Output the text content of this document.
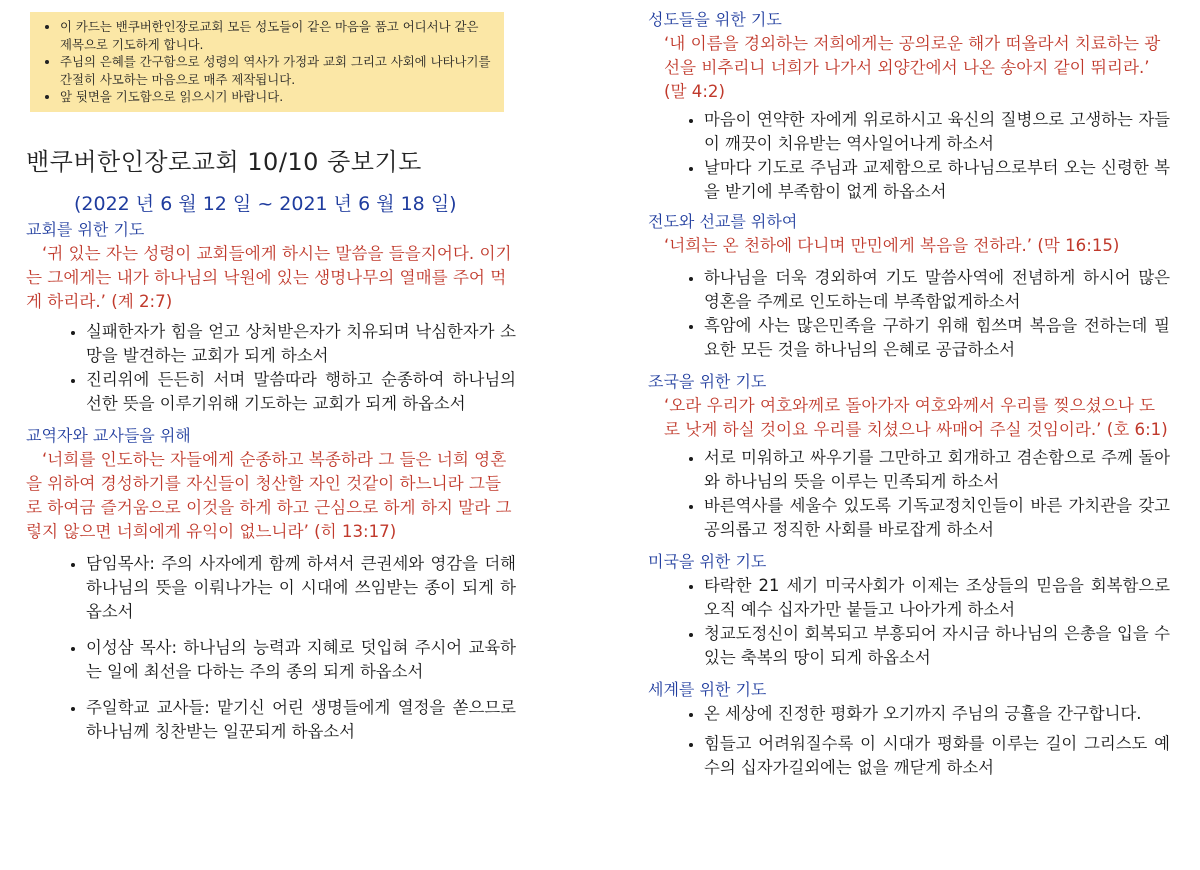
• 이 카드는 밴쿠버한인장로교회 모든 성도들이 같은 마음을 품고 어디서나 같은 제목으로 기도하게 합니다.
• 주님의 은혜를 간구함으로 성령의 역사가 가정과 교회 그리고 사회에 나타나기를 간절히 사모하는 마음으로 매주 제작됩니다.
• 앞 뒷면을 기도함으로 읽으시기 바랍니다.
밴쿠버한인장로교회 10/10 중보기도
(2022 년 6 월 12 일 ~ 2021 년 6 월 18 일)
교회를 위한 기도
‘귀 있는 자는 성령이 교회들에게 하시는 말씀을 들을지어다. 이기는 그에게는 내가 하나님의 낙원에 있는 생명나무의 열매를 주어 먹게 하리라.’ (계 2:7)
• 실패한자가 힘을 얻고 상처받은자가 치유되며 낙심한자가 소망을 발견하는 교회가 되게 하소서
• 진리위에 든든히 서며 말씀따라 행하고 순종하여 하나님의 선한 뜻을 이루기위해 기도하는 교회가 되게 하옵소서
교역자와 교사들을 위해
‘너희를 인도하는 자들에게 순종하고 복종하라 그 들은 너희 영혼을 위하여 경성하기를 자신들이 청산할 자인 것같이 하느니라 그들로 하여금 즐거움으로 이것을 하게 하고 근심으로 하게 하지 말라 그렇지 않으면 너희에게 유익이 없느니라’ (히 13:17)
• 담임목사: 주의 사자에게 함께 하셔서 큰권세와 영감을 더해 하나님의 뜻을 이뤄나가는 이 시대에 쓰임받는 종이 되게 하옵소서
• 이성삼 목사: 하나님의 능력과 지혜로 덧입혀 주시어 교육하는 일에 최선을 다하는 주의 종의 되게 하옵소서
• 주일학교 교사들: 맡기신 어린 생명들에게 열정을 쏟으므로 하나님께 칭찬받는 일꾼되게 하옵소서
성도들을 위한 기도
‘내 이름을 경외하는 저희에게는 공의로운 해가 떠올라서 치료하는 광선을 비추리니 너희가 나가서 외양간에서 나온 송아지 같이 뛰리라.’ (말 4:2)
• 마음이 연약한 자에게 위로하시고 육신의 질병으로 고생하는 자들이 깨끗이 치유받는 역사일어나게 하소서
• 날마다 기도로 주님과 교제함으로 하나님으로부터 오는 신령한 복을 받기에 부족함이 없게 하옵소서
전도와 선교를 위하여
‘너희는 온 천하에 다니며 만민에게 복음을 전하라.’ (막 16:15)
• 하나님을 더욱 경외하여 기도 말씀사역에 전념하게 하시어 많은 영혼을 주께로 인도하는데 부족함없게하소서
• 흑암에 사는 많은민족을 구하기 위해 힘쓰며 복음을 전하는데 필요한 모든 것을 하나님의 은혜로 공급하소서
조국을 위한 기도
‘오라 우리가 여호와께로 돌아가자 여호와께서 우리를 찢으셨으나 도로 낫게 하실 것이요 우리를 치셨으나 싸매어 주실 것임이라.’ (호 6:1)
• 서로 미워하고 싸우기를 그만하고 회개하고 겸손함으로 주께 돌아와 하나님의 뜻을 이루는 민족되게 하소서
• 바른역사를 세울수 있도록 기독교정치인들이 바른 가치관을 갖고 공의롭고 정직한 사회를 바로잡게 하소서
미국을 위한 기도
• 타락한 21 세기 미국사회가 이제는 조상들의 믿음을 회복함으로 오직 예수 십자가만 붙들고 나아가게 하소서
• 청교도정신이 회복되고 부흥되어 자시금 하나님의 은총을 입을 수 있는 축복의 땅이 되게 하옵소서
세계를 위한 기도
• 온 세상에 진정한 평화가 오기까지 주님의 긍휼을 간구합니다.
• 힘들고 어려워질수록 이 시대가 평화를 이루는 길이 그리스도 예수의 십자가길외에는 없을 깨닫게 하소서
